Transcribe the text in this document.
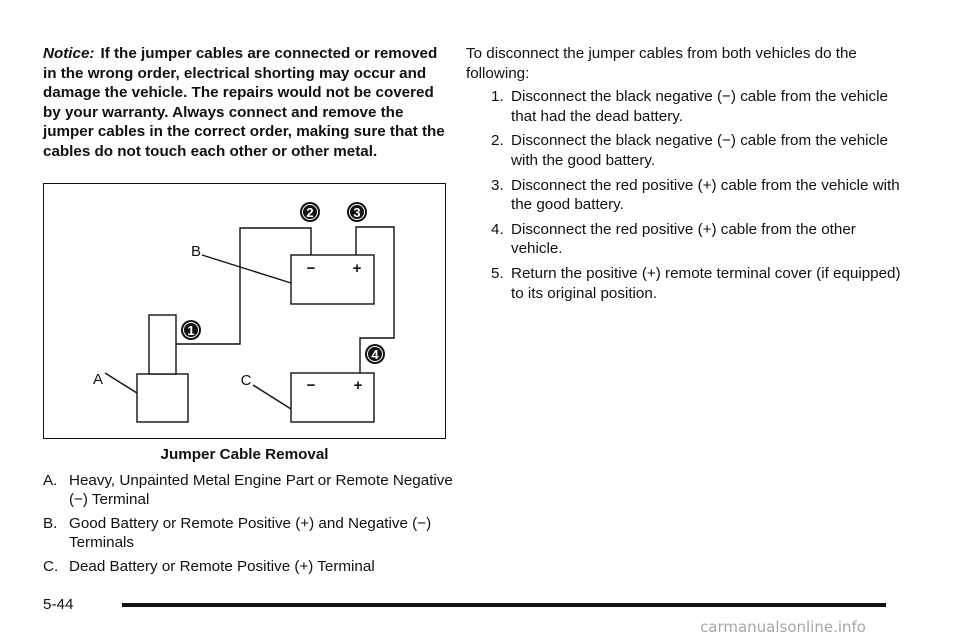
Notice: If the jumper cables are connected or removed in the wrong order, electrical shorting may occur and damage the vehicle. The repairs would not be covered by your warranty. Always connect and remove the jumper cables in the correct order, making sure that the cables do not touch each other or other metal.

− +
−	+
B
A	C
1
2	3
4
Jumper Cable Removal
A. Heavy, Unpainted Metal Engine Part or Remote Negative (−) Terminal
B. Good Battery or Remote Positive (+) and Negative (−) Terminals
C. Dead Battery or Remote Positive (+) Terminal

To disconnect the jumper cables from both vehicles do the following:

1. Disconnect the black negative (−) cable from the vehicle that had the dead battery.
2. Disconnect the black negative (−) cable from the vehicle with the good battery.
3. Disconnect the red positive (+) cable from the vehicle with the good battery.
4. Disconnect the red positive (+) cable from the other vehicle.
5. Return the positive (+) remote terminal cover (if equipped) to its original position.
5-44
carmanualsonline.info
